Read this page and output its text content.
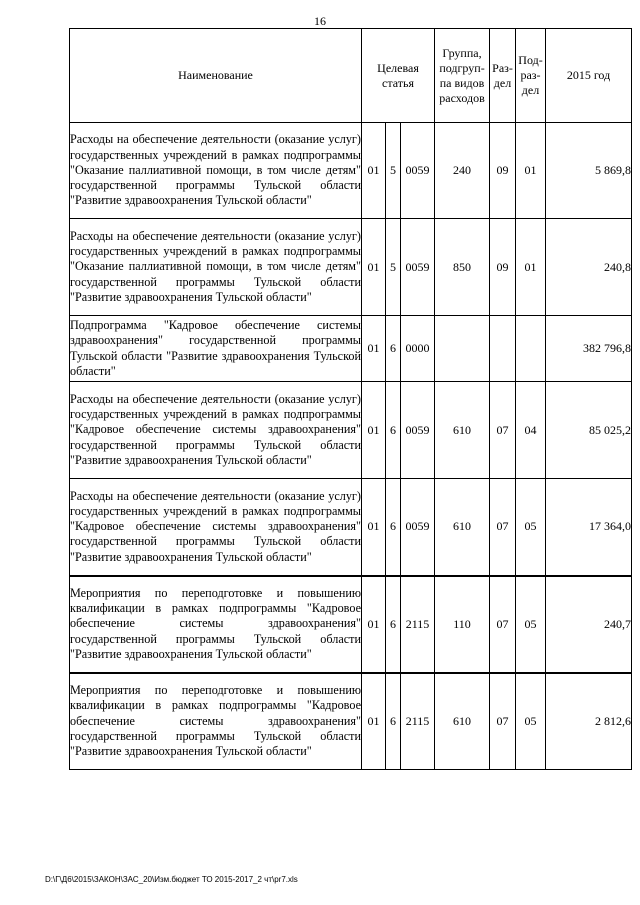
16
Наименование	Целевая статья			Группа, подгруп-па видов расходов	Раз-дел	Под-раз-дел	2015 год
Расходы на обеспечение деятельности (оказание услуг) государственных учреждений в рамках подпрограммы "Оказание паллиативной помощи, в том числе детям" государственной программы Тульской области "Развитие здравоохранения Тульской области"	01	5	0059	240	09	01	5 869,8
Расходы на обеспечение деятельности (оказание услуг) государственных учреждений в рамках подпрограммы "Оказание паллиативной помощи, в том числе детям" государственной программы Тульской области "Развитие здравоохранения Тульской области"	01	5	0059	850	09	01	240,8
Подпрограмма "Кадровое обеспечение системы здравоохранения" государственной программы Тульской области "Развитие здравоохранения Тульской области"	01	6	0000				382 796,8
Расходы на обеспечение деятельности (оказание услуг) государственных учреждений в рамках подпрограммы "Кадровое обеспечение системы здравоохранения" государственной программы Тульской области "Развитие здравоохранения Тульской области"	01	6	0059	610	07	04	85 025,2
Расходы на обеспечение деятельности (оказание услуг) государственных учреждений в рамках подпрограммы "Кадровое обеспечение системы здравоохранения" государственной программы Тульской области "Развитие здравоохранения Тульской области"	01	6	0059	610	07	05	17 364,0
Мероприятия по переподготовке и повышению квалификации в рамках подпрограммы "Кадровое обеспечение системы здравоохранения" государственной программы Тульской области "Развитие здравоохранения Тульской области"	01	6	2115	110	07	05	240,7
Мероприятия по переподготовке и повышению квалификации в рамках подпрограммы "Кадровое обеспечение системы здравоохранения" государственной программы Тульской области "Развитие здравоохранения Тульской области"	01	6	2115	610	07	05	2 812,6
D:\Г\Д6\2015\ЗАКОН\ЗАС_20\Изм.бюджет ТО 2015-2017_2 чт\pr7.xls
